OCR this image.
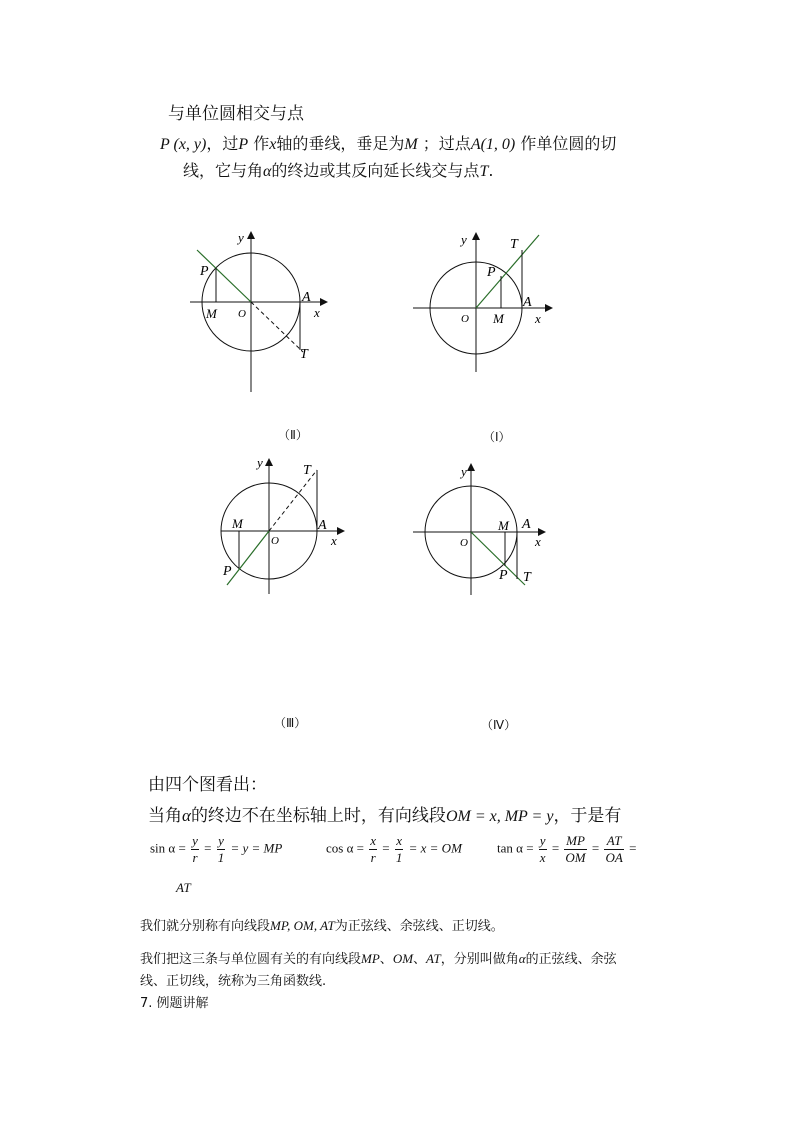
与单位圆相交与点
P (x, y)，过P 作x轴的垂线，垂足为M ；过点A(1, 0) 作单位圆的切
线，它与角α的终边或其反向延长线交与点T.
y
x
O
P
M
A
T
（Ⅱ）
y
x
O
P
M
A
T
（Ⅰ）
y
x
O
P
M	A
T
（Ⅲ）
y
x
O
P
M A
T
（Ⅳ）
由四个图看出：
当角α的终边不在坐标轴上时，有向线段OM = x, MP = y，于是有
$\sin \alpha = \frac{y}{r} = \frac{y}{1} = y$ = MP	$\cos \alpha = \frac{x}{r} = \frac{x}{1} = x$ = OM	$\tan \alpha = \frac{y}{x} = \frac{MP}{OM} = \frac{AT}{OA}$ =
AT
我们就分别称有向线段MP, OM, AT为正弦线、余弦线、正切线。
我们把这三条与单位圆有关的有向线段MP、OM、AT，分别叫做角α的正弦线、余弦
线、正切线，统称为三角函数线.
7. 例题讲解
